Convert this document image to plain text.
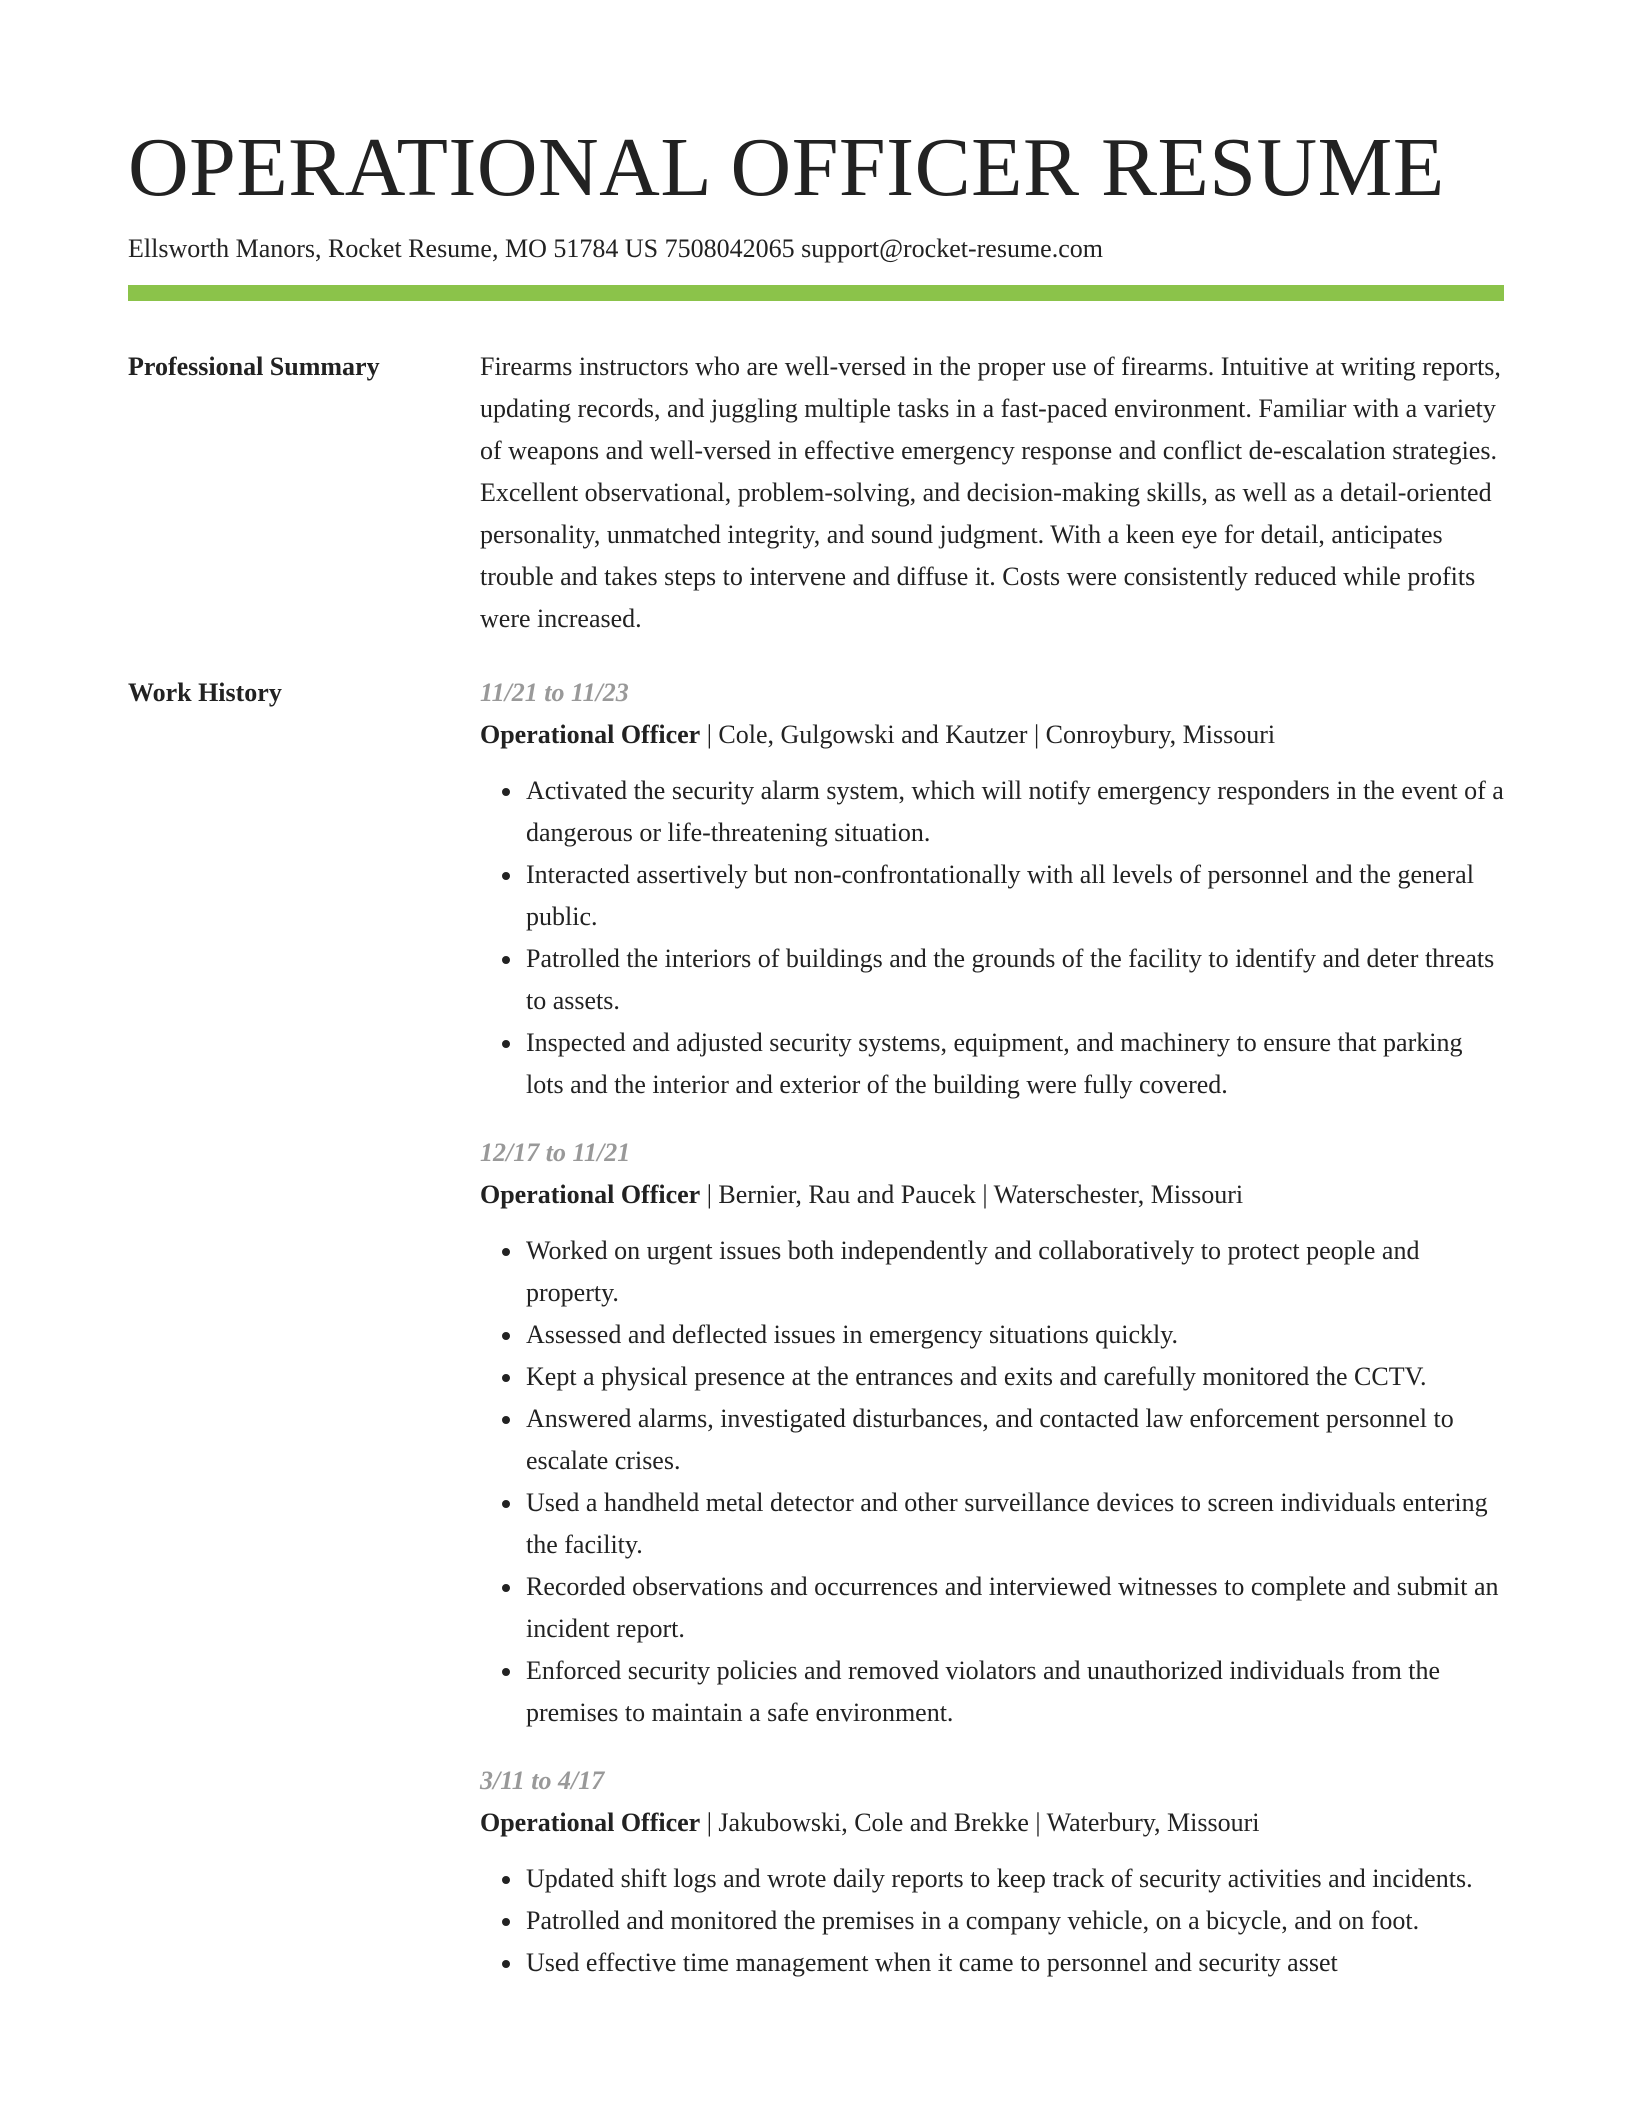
OPERATIONAL OFFICER RESUME
Ellsworth Manors, Rocket Resume, MO 51784 US 7508042065 support@rocket-resume.com
Professional Summary	Firearms instructors who are well-versed in the proper use of firearms. Intuitive at writing reports, updating records, and juggling multiple tasks in a fast-paced environment. Familiar with a variety of weapons and well-versed in effective emergency response and conflict de-escalation strategies. Excellent observational, problem-solving, and decision-making skills, as well as a detail-oriented personality, unmatched integrity, and sound judgment. With a keen eye for detail, anticipates trouble and takes steps to intervene and diffuse it. Costs were consistently reduced while profits were increased.

Work History	11/21 to 11/23

Operational Officer | Cole, Gulgowski and Kautzer | Conroybury, Missouri

• Activated the security alarm system, which will notify emergency responders in the event of a dangerous or life-threatening situation.
• Interacted assertively but non-confrontationally with all levels of personnel and the general public.
• Patrolled the interiors of buildings and the grounds of the facility to identify and deter threats to assets.
• Inspected and adjusted security systems, equipment, and machinery to ensure that parking lots and the interior and exterior of the building were fully covered.

12/17 to 11/21

Operational Officer | Bernier, Rau and Paucek | Waterschester, Missouri

• Worked on urgent issues both independently and collaboratively to protect people and property.
• Assessed and deflected issues in emergency situations quickly.
• Kept a physical presence at the entrances and exits and carefully monitored the CCTV.
• Answered alarms, investigated disturbances, and contacted law enforcement personnel to escalate crises.
• Used a handheld metal detector and other surveillance devices to screen individuals entering the facility.
• Recorded observations and occurrences and interviewed witnesses to complete and submit an incident report.
• Enforced security policies and removed violators and unauthorized individuals from the premises to maintain a safe environment.

3/11 to 4/17

Operational Officer | Jakubowski, Cole and Brekke | Waterbury, Missouri

• Updated shift logs and wrote daily reports to keep track of security activities and incidents.
• Patrolled and monitored the premises in a company vehicle, on a bicycle, and on foot.
• Used effective time management when it came to personnel and security asset
